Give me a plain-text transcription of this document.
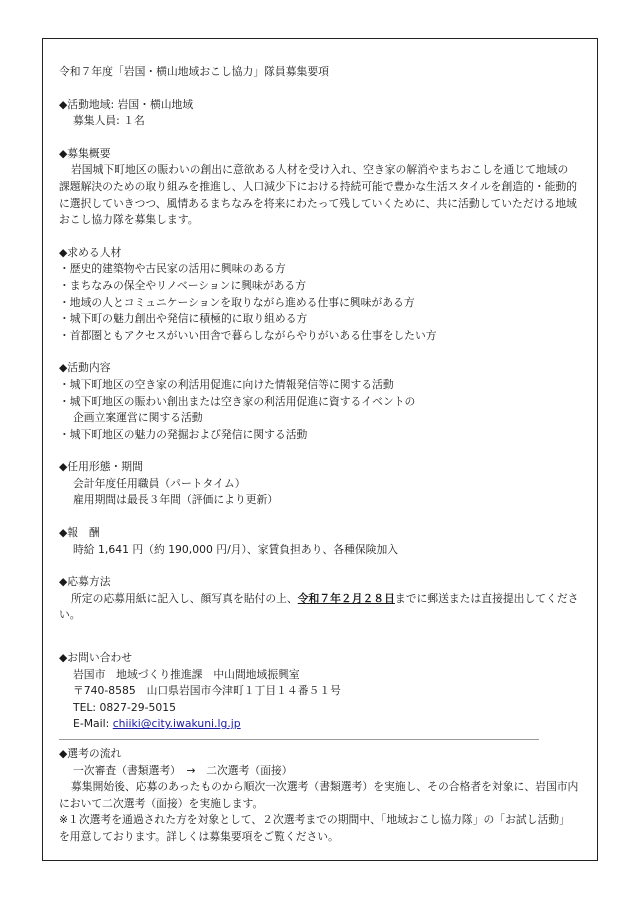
令和７年度「岩国・横山地域おこし協力」隊員募集要項
◆活動地域: 岩国・横山地域
募集人員: １名
◆募集概要
岩国城下町地区の賑わいの創出に意欲ある人材を受け入れ、空き家の解消やまちおこしを通じて地域の課題解決のための取り組みを推進し、人口減少下における持続可能で豊かな生活スタイルを創造的・能動的に選択していきつつ、風情あるまちなみを将来にわたって残していくために、共に活動していただける地域おこし協力隊を募集します。
◆求める人材
・歴史的建築物や古民家の活用に興味のある方
・まちなみの保全やリノベーションに興味がある方
・地域の人とコミュニケーションを取りながら進める仕事に興味がある方
・城下町の魅力創出や発信に積極的に取り組める方
・首都圏ともアクセスがいい田舎で暮らしながらやりがいある仕事をしたい方
◆活動内容
・城下町地区の空き家の利活用促進に向けた情報発信等に関する活動
・城下町地区の賑わい創出または空き家の利活用促進に資するイベントの
企画立案運営に関する活動
・城下町地区の魅力の発掘および発信に関する活動
◆任用形態・期間
会計年度任用職員（パートタイム）
雇用期間は最長３年間（評価により更新）
◆報　酬
時給 1,641 円（約 190,000 円/月）、家賃負担あり、各種保険加入
◆応募方法
所定の応募用紙に記入し、顔写真を貼付の上、令和７年２月２８日までに郵送または直接提出してください。
◆お問い合わせ
岩国市　地域づくり推進課　中山間地域振興室
〒740-8585　山口県岩国市今津町１丁目１４番５１号
TEL: 0827-29-5015
E-Mail: chiiki@city.iwakuni.lg.jp
◆選考の流れ
一次審査（書類選考）　→　二次選考（面接）
募集開始後、応募のあったものから順次一次選考（書類選考）を実施し、その合格者を対象に、岩国市内において二次選考（面接）を実施します。
※１次選考を通過された方を対象として、２次選考までの期間中、「地域おこし協力隊」の「お試し活動」を用意しております。詳しくは募集要項をご覧ください。
